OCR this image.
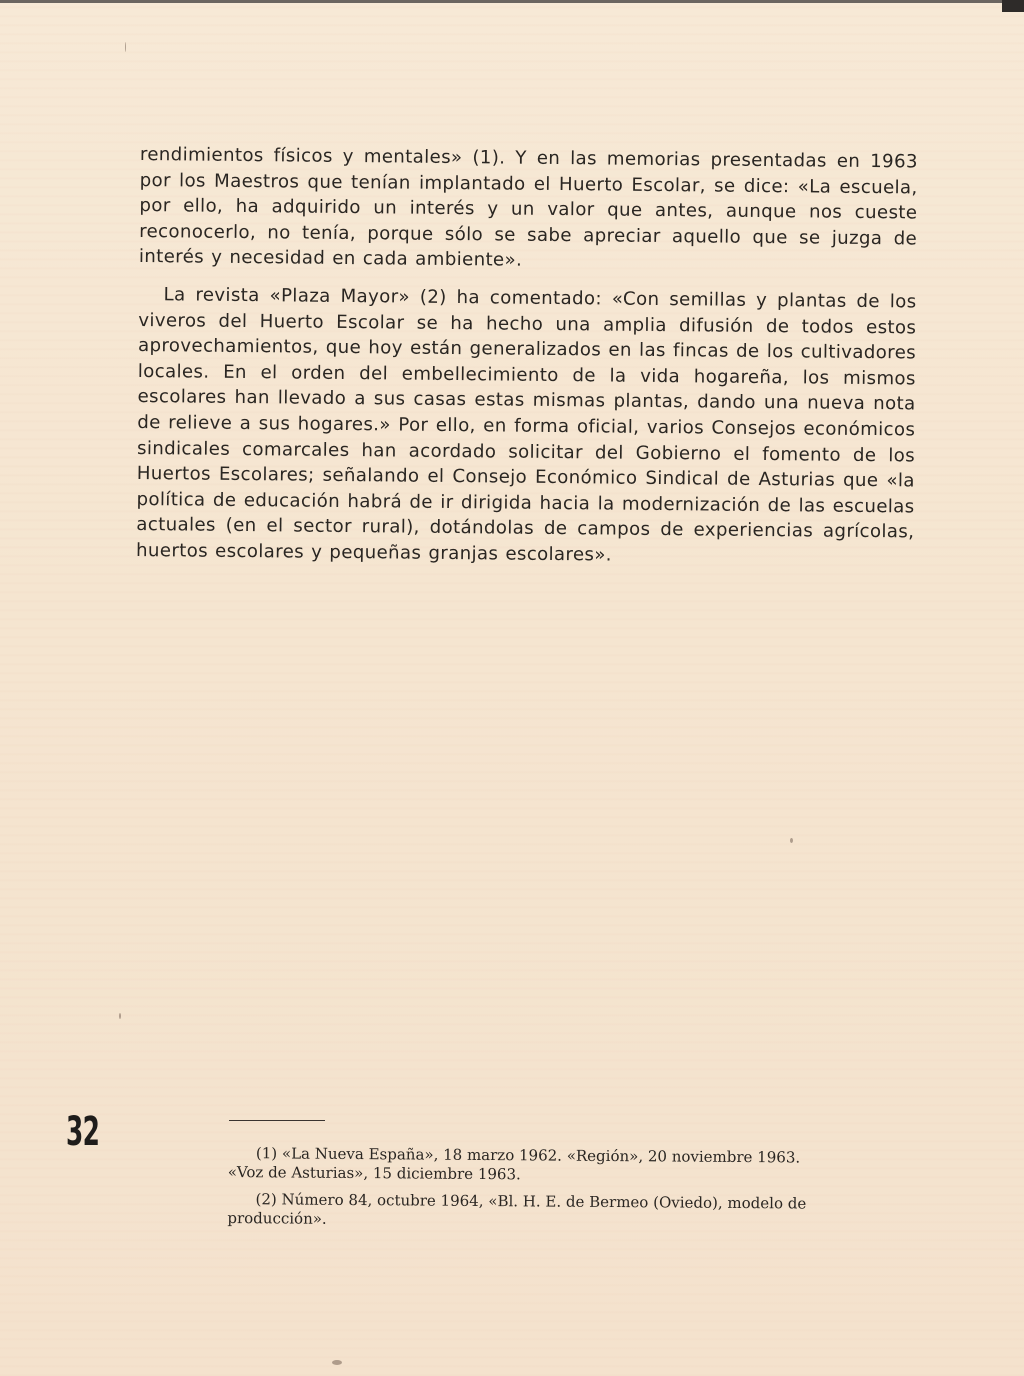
rendimientos físicos y mentales» (1). Y en las memorias presentadas en 1963 por los Maestros que tenían implantado el Huerto Escolar, se dice: «La escuela, por ello, ha adquirido un interés y un valor que antes, aunque nos cueste reconocerlo, no tenía, porque sólo se sabe apreciar aquello que se juzga de interés y necesidad en cada ambiente».

La revista «Plaza Mayor» (2) ha comentado: «Con semillas y plantas de los viveros del Huerto Escolar se ha hecho una amplia difusión de todos estos aprovechamientos, que hoy están generalizados en las fincas de los cultivadores locales. En el orden del embellecimiento de la vida hogareña, los mismos escolares han llevado a sus casas estas mismas plantas, dando una nueva nota de relieve a sus hogares.» Por ello, en forma oficial, varios Consejos económicos sindicales comarcales han acordado solicitar del Gobierno el fomento de los Huertos Escolares; señalando el Consejo Económico Sindical de Asturias que «la política de educación habrá de ir dirigida hacia la modernización de las escuelas actuales (en el sector rural), dotándolas de campos de experiencias agrícolas, huertos escolares y pequeñas granjas escolares».

32

(1) «La Nueva España», 18 marzo 1962. «Región», 20 noviembre 1963.
«Voz de Asturias», 15 diciembre 1963.

(2) Número 84, octubre 1964, «Bl. H. E. de Bermeo (Oviedo), modelo de
producción».
